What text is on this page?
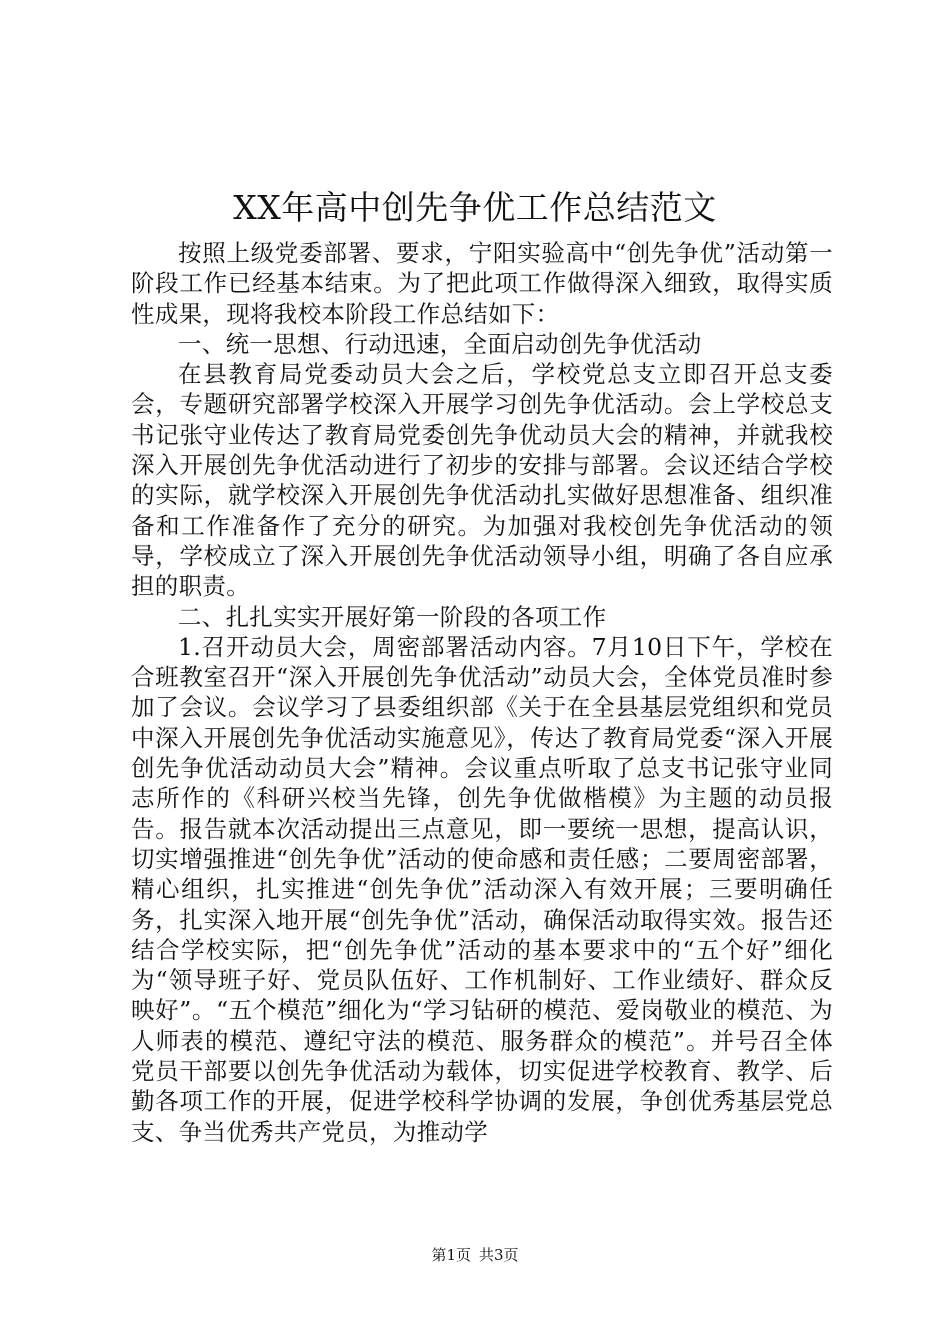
XX年高中创先争优工作总结范文

按照上级党委部署、要求，宁阳实验高中“创先争优”活动第一阶段工作已经基本结束。为了把此项工作做得深入细致，取得实质性成果，现将我校本阶段工作总结如下：

一、统一思想、行动迅速，全面启动创先争优活动

在县教育局党委动员大会之后，学校党总支立即召开总支委会，专题研究部署学校深入开展学习创先争优活动。会上学校总支书记张守业传达了教育局党委创先争优动员大会的精神，并就我校深入开展创先争优活动进行了初步的安排与部署。会议还结合学校的实际，就学校深入开展创先争优活动扎实做好思想准备、组织准备和工作准备作了充分的研究。为加强对我校创先争优活动的领导，学校成立了深入开展创先争优活动领导小组，明确了各自应承担的职责。

二、扎扎实实开展好第一阶段的各项工作

1.召开动员大会，周密部署活动内容。7月10日下午，学校在合班教室召开“深入开展创先争优活动”动员大会，全体党员准时参加了会议。会议学习了县委组织部《关于在全县基层党组织和党员中深入开展创先争优活动实施意见》，传达了教育局党委“深入开展创先争优活动动员大会”精神。会议重点听取了总支书记张守业同志所作的《科研兴校当先锋，创先争优做楷模》为主题的动员报告。报告就本次活动提出三点意见，即一要统一思想，提高认识，切实增强推进“创先争优”活动的使命感和责任感；二要周密部署，精心组织，扎实推进“创先争优”活动深入有效开展；三要明确任务，扎实深入地开展“创先争优”活动，确保活动取得实效。报告还结合学校实际，把“创先争优”活动的基本要求中的“五个好”细化为“领导班子好、党员队伍好、工作机制好、工作业绩好、群众反映好”。“五个模范”细化为“学习钻研的模范、爱岗敬业的模范、为人师表的模范、遵纪守法的模范、服务群众的模范”。并号召全体党员干部要以创先争优活动为载体，切实促进学校教育、教学、后勤各项工作的开展，促进学校科学协调的发展，争创优秀基层党总支、争当优秀共产党员，为推动学

第1页 共3页
